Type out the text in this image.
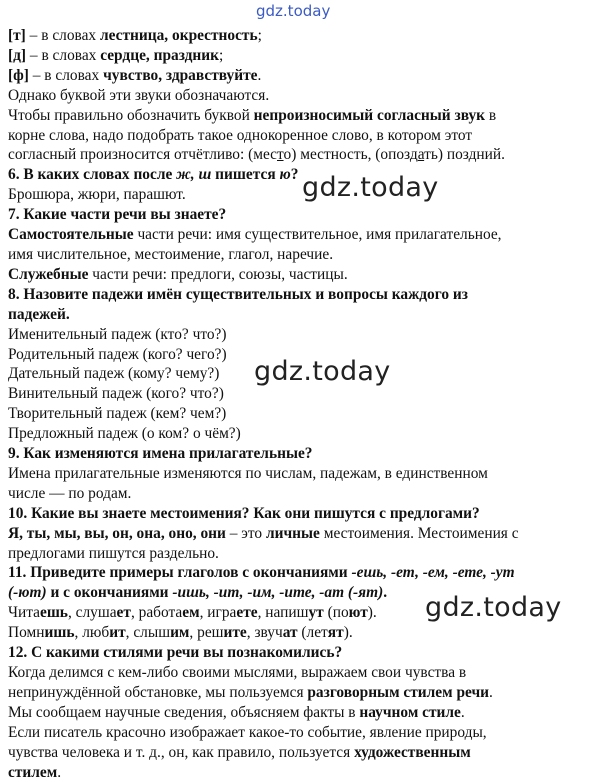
gdz.today
[т] – в словах лестница, окрестность;
[д] – в словах сердце, праздник;
[ф] – в словах чувство, здравствуйте.
Однако буквой эти звуки обозначаются.
Чтобы правильно обозначить буквой непроизносимый согласный звук в
корне слова, надо подобрать такое однокоренное слово, в котором этот
согласный произносится отчётливо: (место) местность, (опоздать) поздний.
6. В каких словах после ж, ш пишется ю?
Брошюра, жюри, парашют.
7. Какие части речи вы знаете?
Самостоятельные части речи: имя существительное, имя прилагательное,
имя числительное, местоимение, глагол, наречие.
Служебные части речи: предлоги, союзы, частицы.
8. Назовите падежи имён существительных и вопросы каждого из
падежей.
Именительный падеж (кто? что?)
Родительный падеж (кого? чего?)
Дательный падеж (кому? чему?)
Винительный падеж (кого? что?)
Творительный падеж (кем? чем?)
Предложный падеж (о ком? о чём?)
9. Как изменяются имена прилагательные?
Имена прилагательные изменяются по числам, падежам, в единственном
числе — по родам.
10. Какие вы знаете местоимения? Как они пишутся с предлогами?
Я, ты, мы, вы, он, она, оно, они – это личные местоимения. Местоимения с
предлогами пишутся раздельно.
11. Приведите примеры глаголов с окончаниями -ешь, -ет, -ем, -ете, -ут
(-ют) и с окончаниями -ишь, -ит, -им, -ите, -ат (-ят).
Читаешь, слушает, работаем, играете, напишут (поют).
Помнишь, любит, слышим, решите, звучат (летят).
12. С какими стилями речи вы познакомились?
Когда делимся с кем-либо своими мыслями, выражаем свои чувства в
непринуждённой обстановке, мы пользуемся разговорным стилем речи.
Мы сообщаем научные сведения, объясняем факты в научном стиле.
Если писатель красочно изображает какое-то событие, явление природы,
чувства человека и т. д., он, как правило, пользуется художественным
стилем.
gdz.today
gdz.today
gdz.today
